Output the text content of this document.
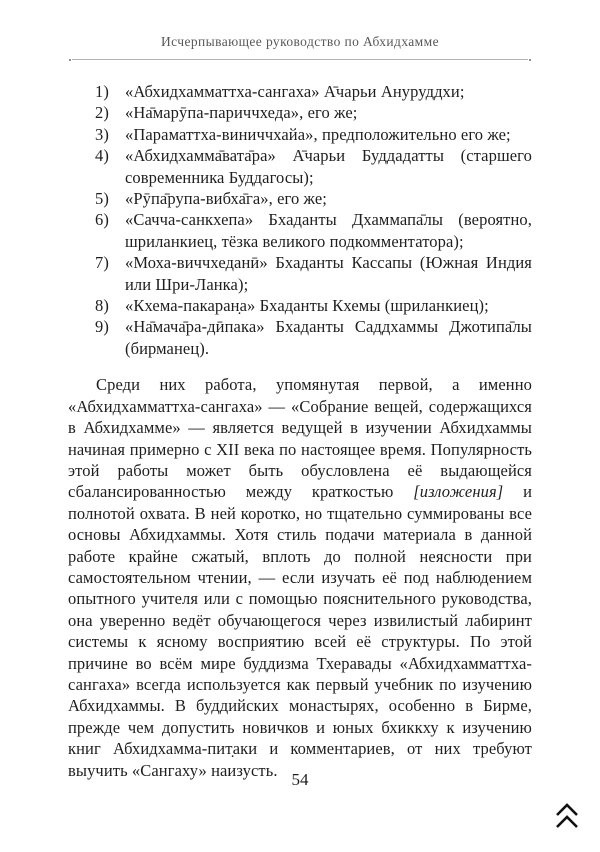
Исчерпывающее руководство по Абхидхамме
1) «Абхидхамматтха-сангаха» А̄чарьи Ануруддхи;
2) «На̄марӯпа-париччхеда», его же;
3) «Параматтха-виниччхайа», предположительно его же;
4) «Абхидхамма̄вата̄ра» А̄чарьи Буддадатты (старшего современника Буддагосы);
5) «Рӯпа̄рупа-вибха̄га», его же;
6) «Сачча-санкхепа» Бхаданты Дхаммапа̄лы (вероятно, шриланкиец, тёзка великого подкомментатора);
7) «Моха-виччхеданӣ» Бхаданты Кассапы (Южная Индия или Шри-Ланка);
8) «Кхема-пакаран̣а» Бхаданты Кхемы (шриланкиец);
9) «На̄мача̄ра-дӣпака» Бхаданты Саддхаммы Джотипа̄лы (бирманец).

Среди них работа, упомянутая первой, а именно «Абхидхамматтха-сангаха» — «Собрание вещей, содержащихся в Абхидхамме» — является ведущей в изучении Абхидхаммы начиная примерно с XII века по настоящее время. Популярность этой работы может быть обусловлена её выдающейся сбалансированностью между краткостью [изложения] и полнотой охвата. В ней коротко, но тщательно суммированы все основы Абхидхаммы. Хотя стиль подачи материала в данной работе крайне сжатый, вплоть до полной неясности при самостоятельном чтении, — если изучать её под наблюдением опытного учителя или с помощью пояснительного руководства, она уверенно ведёт обучающегося через извилистый лабиринт системы к ясному восприятию всей её структуры. По этой причине во всём мире буддизма Тхеравады «Абхидхамматтха-сангаха» всегда используется как первый учебник по изучению Абхидхаммы. В буддийских монастырях, особенно в Бирме, прежде чем допустить новичков и юных бхиккху к изучению книг Абхидхамма-пит̣аки и комментариев, от них требуют выучить «Сангаху» наизусть. 54
